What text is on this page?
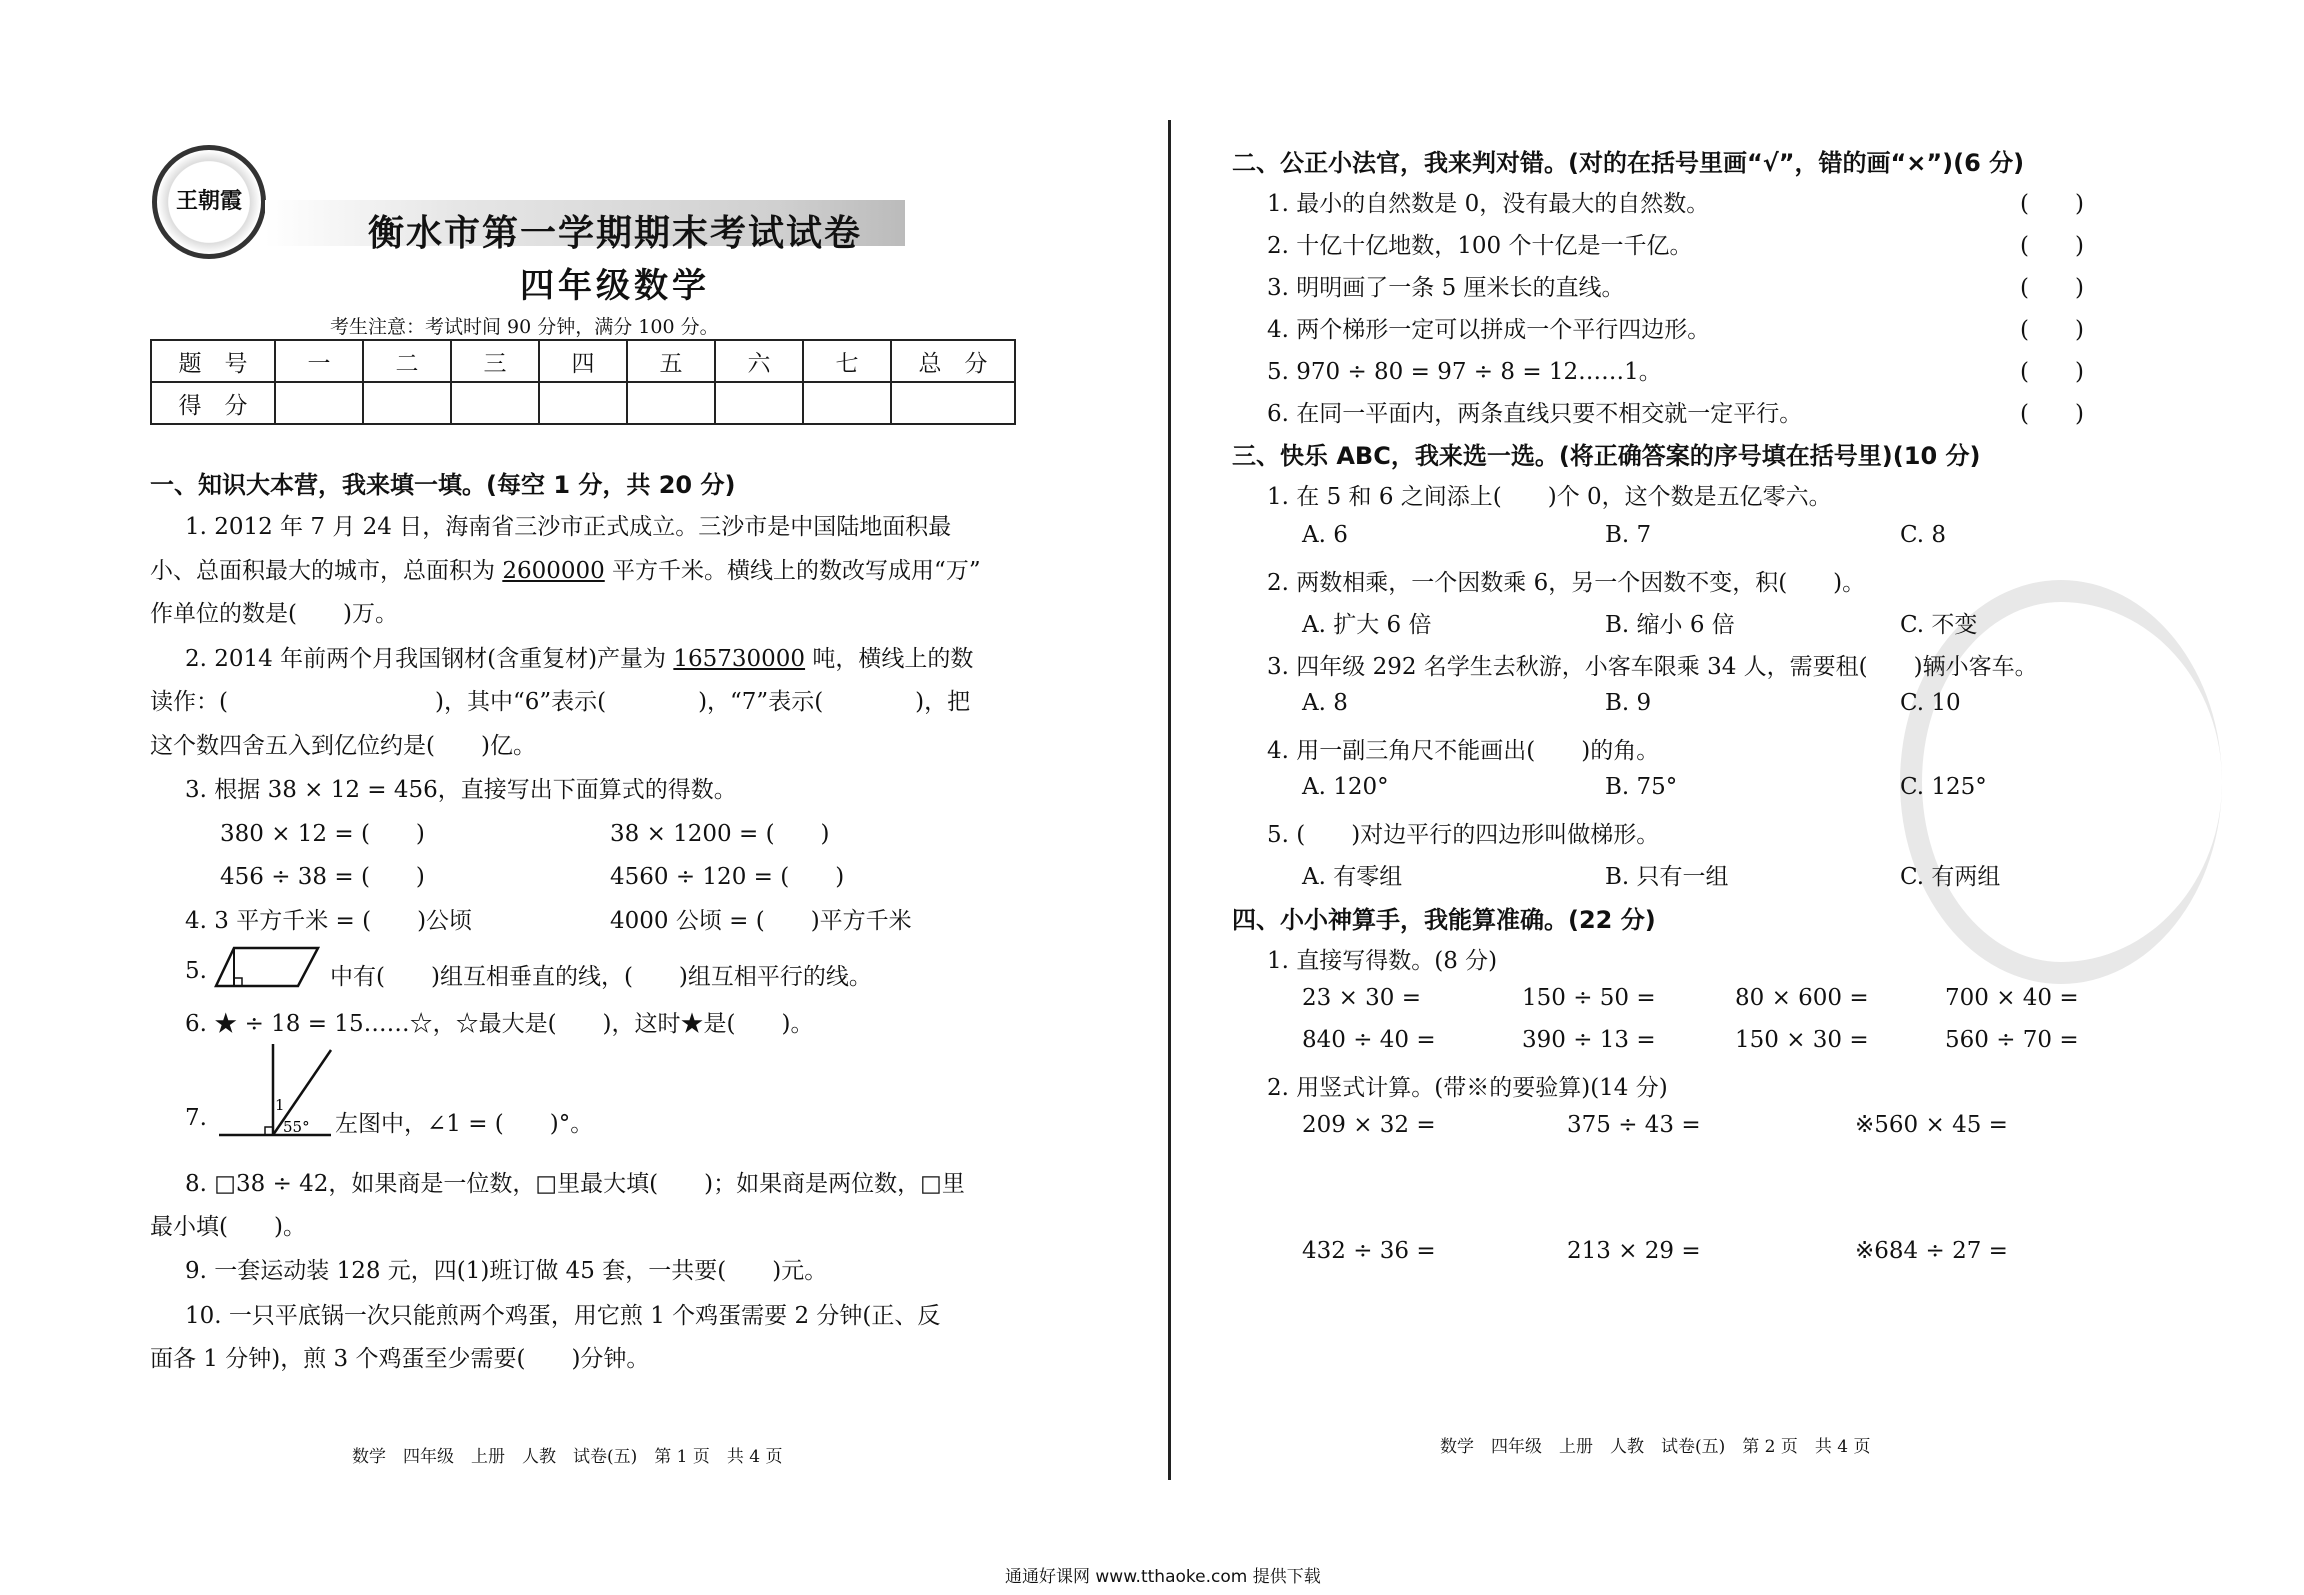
王朝霞
衡水市第一学期期末考试试卷
四年级数学
考生注意：考试时间 90 分钟，满分 100 分。
题　号	一	二	三	四	五	六	七	总　分
得　分								
一、知识大本营，我来填一填。(每空 1 分，共 20 分)
1. 2012 年 7 月 24 日，海南省三沙市正式成立。三沙市是中国陆地面积最
小、总面积最大的城市，总面积为 2600000 平方千米。横线上的数改写成用“万”
作单位的数是(　　)万。
2. 2014 年前两个月我国钢材(含重复材)产量为 165730000 吨，横线上的数
读作：(　　　　　　　　　)，其中“6”表示(　　　　)，“7”表示(　　　　)，把
这个数四舍五入到亿位约是(　　)亿。
3. 根据 38 × 12 = 456，直接写出下面算式的得数。
380 × 12 = (　　)	38 × 1200 = (　　)
456 ÷ 38 = (　　)	4560 ÷ 120 = (　　)
4. 3 平方千米 = (　　)公顷	4000 公顷 = (　　)平方千米
5.	中有(　　)组互相垂直的线，(　　)组互相平行的线。
6. ★ ÷ 18 = 15……☆，☆最大是(　　)，这时★是(　　)。
7.	1
55° 左图中，∠1 = (　　)°。
8. □38 ÷ 42，如果商是一位数，□里最大填(　　)；如果商是两位数，□里
最小填(　　)。
9. 一套运动装 128 元，四(1)班订做 45 套，一共要(　　)元。
10. 一只平底锅一次只能煎两个鸡蛋，用它煎 1 个鸡蛋需要 2 分钟(正、反
面各 1 分钟)，煎 3 个鸡蛋至少需要(　　)分钟。
数学　四年级　上册　人教　试卷(五)　第 1 页　共 4 页
二、公正小法官，我来判对错。(对的在括号里画“√”，错的画“×”)(6 分)
1. 最小的自然数是 0，没有最大的自然数。	(　　)
2. 十亿十亿地数，100 个十亿是一千亿。	(　　)
3. 明明画了一条 5 厘米长的直线。	(　　)
4. 两个梯形一定可以拼成一个平行四边形。	(　　)
5. 970 ÷ 80 = 97 ÷ 8 = 12……1。	(　　)
6. 在同一平面内，两条直线只要不相交就一定平行。	(　　)
三、快乐 ABC，我来选一选。(将正确答案的序号填在括号里)(10 分)
1. 在 5 和 6 之间添上(　　)个 0，这个数是五亿零六。
A. 6	B. 7	C. 8
2. 两数相乘，一个因数乘 6，另一个因数不变，积(　　)。
A. 扩大 6 倍	B. 缩小 6 倍	C. 不变
3. 四年级 292 名学生去秋游，小客车限乘 34 人，需要租(　　)辆小客车。
A. 8	B. 9	C. 10
4. 用一副三角尺不能画出(　　)的角。
A. 120°	B. 75°	C. 125°
5. (　　)对边平行的四边形叫做梯形。
A. 有零组	B. 只有一组	C. 有两组
四、小小神算手，我能算准确。(22 分)
1. 直接写得数。(8 分)
23 × 30 =	150 ÷ 50 =	80 × 600 =	700 × 40 =
840 ÷ 40 =	390 ÷ 13 =	150 × 30 =	560 ÷ 70 =
2. 用竖式计算。(带※的要验算)(14 分)
209 × 32 =	375 ÷ 43 =	※560 × 45 =
432 ÷ 36 =	213 × 29 =	※684 ÷ 27 =
数学　四年级　上册　人教　试卷(五)　第 2 页　共 4 页
通通好课网 www.tthaoke.com 提供下载
